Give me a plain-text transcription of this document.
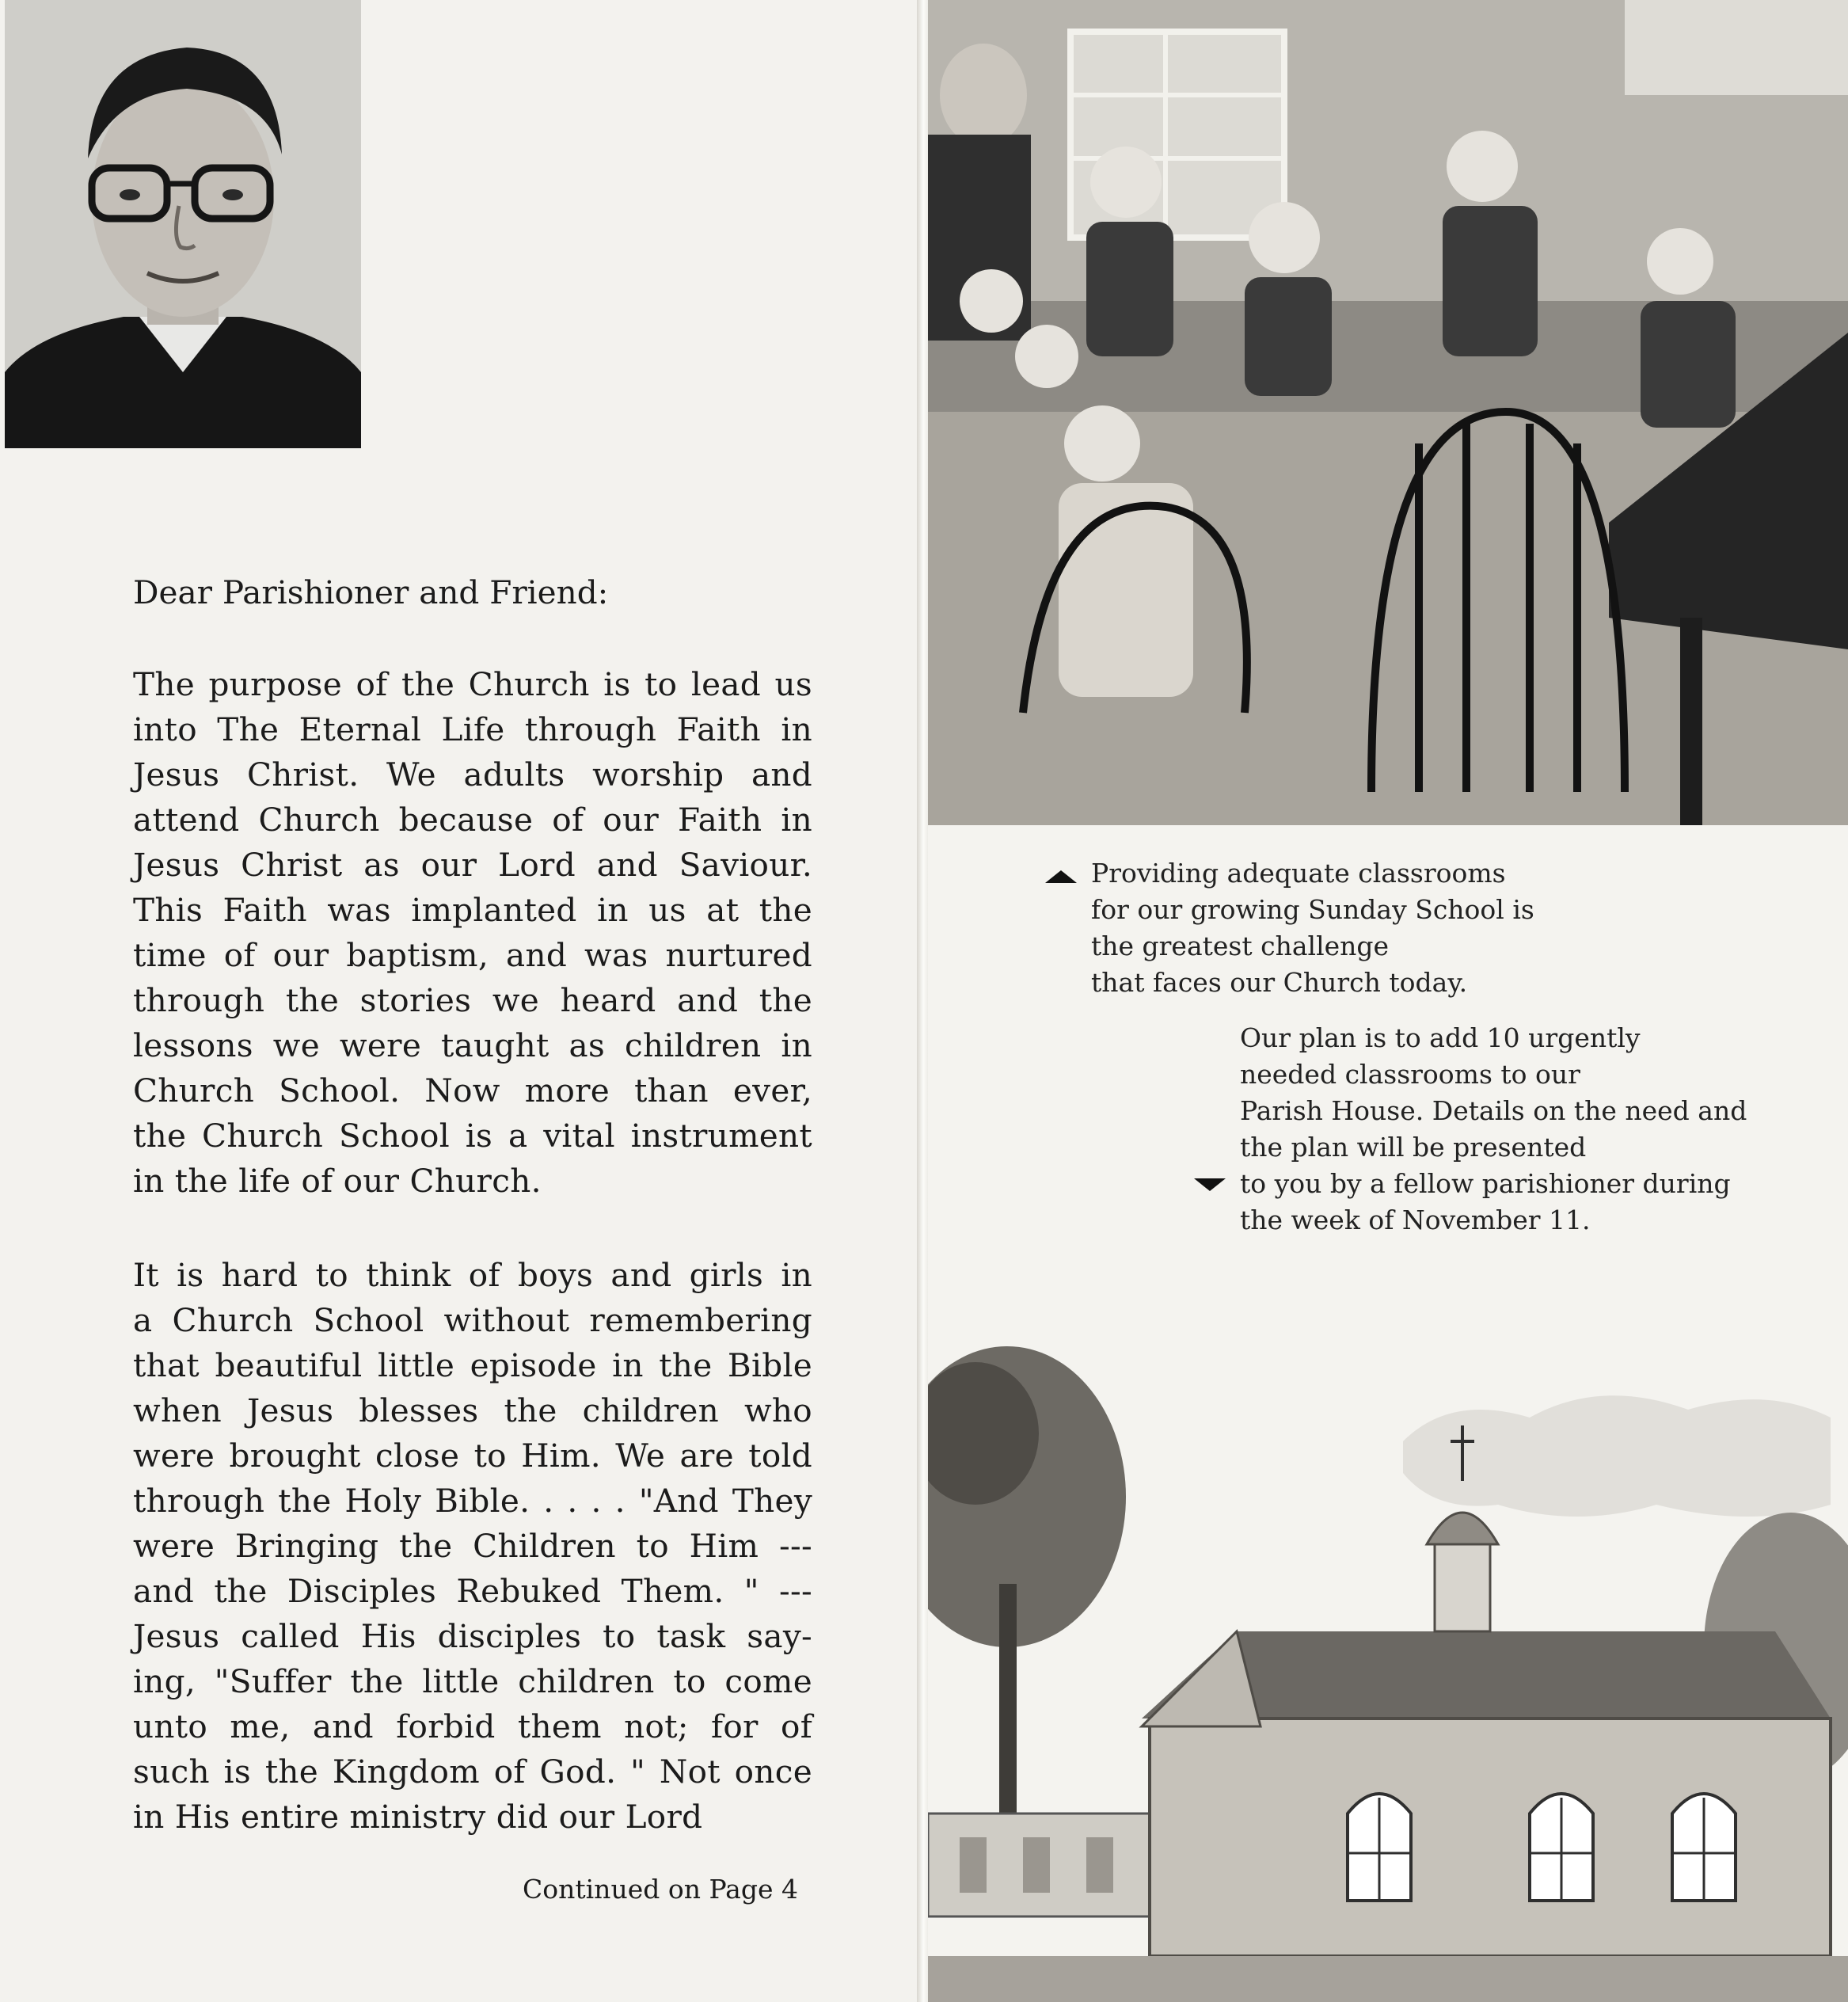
Dear Parishioner and Friend:

The purpose of the Church is to lead us

into The Eternal Life through Faith in

Jesus Christ. We adults worship and

attend Church because of our Faith in

Jesus Christ as our Lord and Saviour.

This Faith was implanted in us at the

time of our baptism, and was nurtured

through the stories we heard and the

lessons we were taught as children in

Church School. Now more than ever,

the Church School is a vital instrument

in the life of our Church.

It is hard to think of boys and girls in

a Church School without remembering

that beautiful little episode in the Bible

when Jesus blesses the children who

were brought close to Him. We are told

through the Holy Bible. . . . . "And They

were Bringing the Children to Him ---

and the Disciples Rebuked Them. " ---

Jesus called His disciples to task say-

ing, "Suffer the little children to come

unto me, and forbid them not; for of

such is the Kingdom of God. " Not once

in His entire ministry did our Lord

Continued on Page 4
Providing adequate classrooms
for our growing Sunday School is
the greatest challenge
that faces our Church today.
Our plan is to add 10 urgently
needed classrooms to our
Parish House. Details on the need and
the plan will be presented
to you by a fellow parishioner during
the week of November 11.
